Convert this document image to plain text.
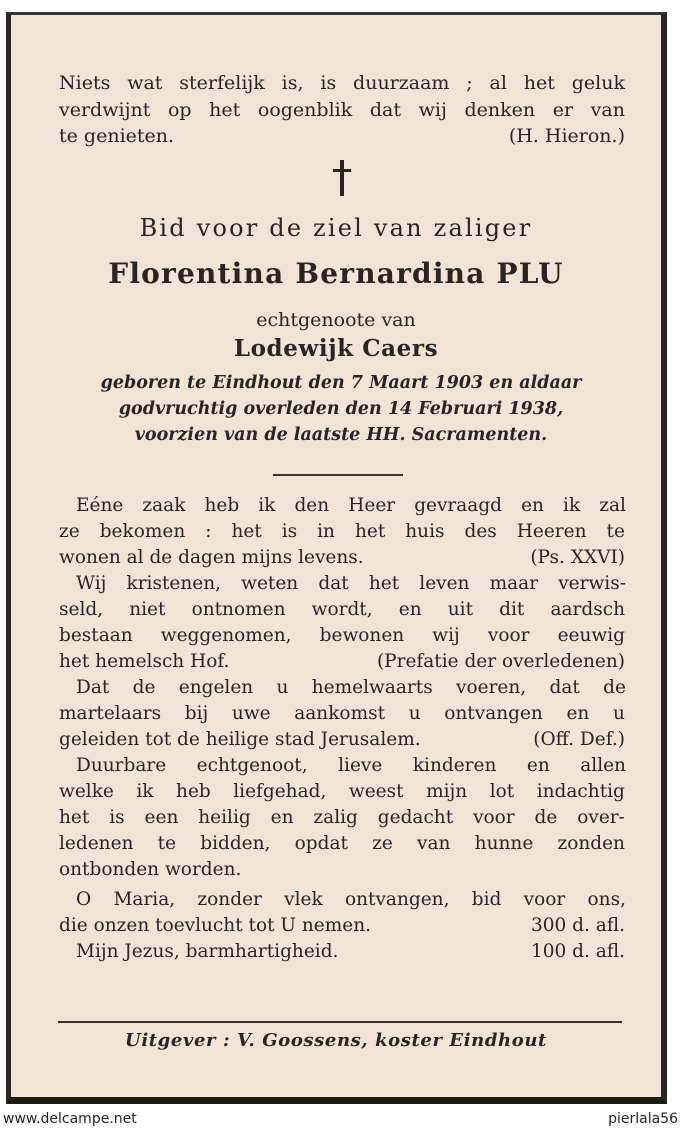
Niets wat sterfelijk is, is duurzaam ; al het geluk
verdwijnt op het oogenblik dat wij denken er van
te genieten.	(H. Hieron.)
Bid voor de ziel van zaliger
Florentina Bernardina PLU
echtgenoote van
Lodewijk Caers
geboren te Eindhout den 7 Maart 1903 en aldaar
godvruchtig overleden den 14 Februari 1938,
voorzien van de laatste HH. Sacramenten.
Eéne zaak heb ik den Heer gevraagd en ik zal
ze bekomen : het is in het huis des Heeren te
wonen al de dagen mijns levens.	(Ps. XXVI)
Wij kristenen, weten dat het leven maar verwis-
seld, niet ontnomen wordt, en uit dit aardsch
bestaan weggenomen, bewonen wij voor eeuwig
het hemelsch Hof.	(Prefatie der overledenen)
Dat de engelen u hemelwaarts voeren, dat de
martelaars bij uwe aankomst u ontvangen en u
geleiden tot de heilige stad Jerusalem.	(Off. Def.)
Duurbare echtgenoot, lieve kinderen en allen
welke ik heb liefgehad, weest mijn lot indachtig
het is een heilig en zalig gedacht voor de over-
ledenen te bidden, opdat ze van hunne zonden
ontbonden worden.
O Maria, zonder vlek ontvangen, bid voor ons,
die onzen toevlucht tot U nemen.	300 d. afl.
Mijn Jezus, barmhartigheid.	100 d. afl.
Uitgever : V. Goossens, koster Eindhout
www.delcampe.net	pierlala56
